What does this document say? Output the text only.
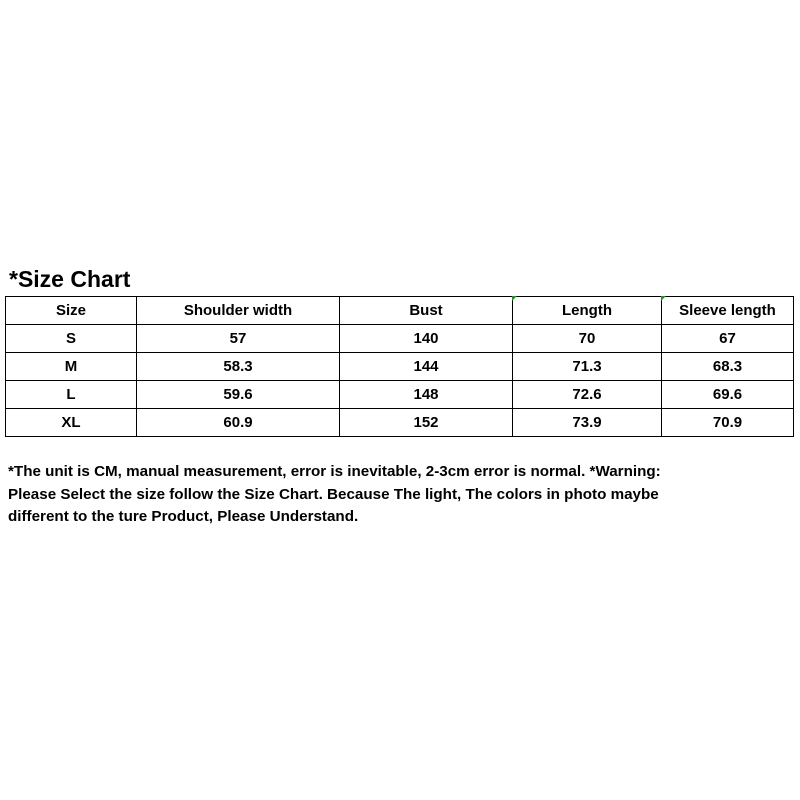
*Size Chart
Size	Shoulder width	Bust	Length	Sleeve length
S	57	140	70	67
M	58.3	144	71.3	68.3
L	59.6	148	72.6	69.6
XL	60.9	152	73.9	70.9
*The unit is CM, manual measurement, error is inevitable, 2-3cm error is normal. *Warning:
Please Select the size follow the Size Chart. Because The light, The colors in photo maybe
different to the ture Product, Please Understand.
